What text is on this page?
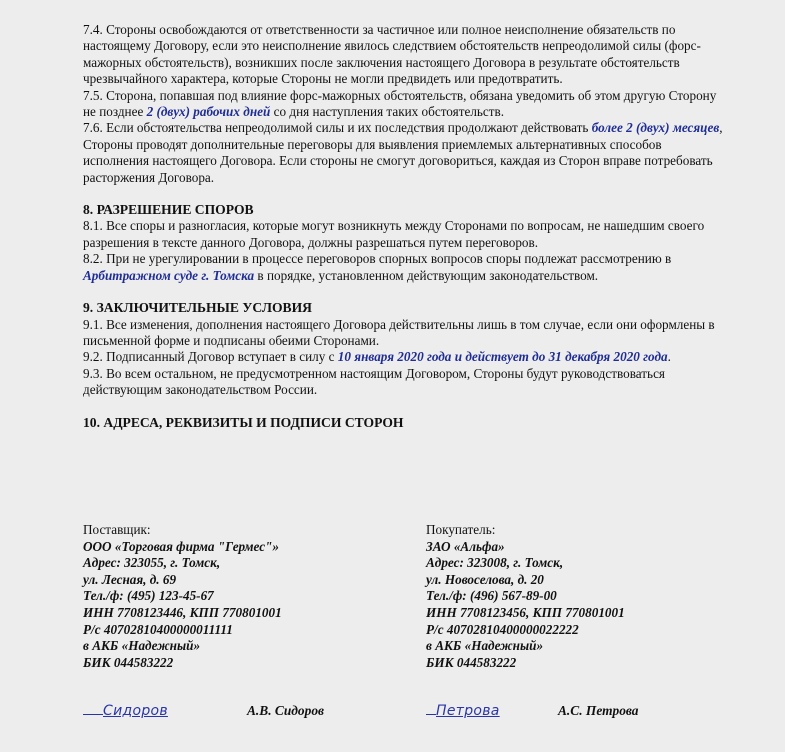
7.4. Стороны освобождаются от ответственности за частичное или полное неисполнение обязательств по настоящему Договору, если это неисполнение явилось следствием обстоятельств непреодолимой силы (форс-мажорных обстоятельств), возникших после заключения настоящего Договора в результате обстоятельств чрезвычайного характера, которые Стороны не могли предвидеть или предотвратить.

7.5. Сторона, попавшая под влияние форс-мажорных обстоятельств, обязана уведомить об этом другую Сторону не позднее 2 (двух) рабочих дней со дня наступления таких обстоятельств.

7.6. Если обстоятельства непреодолимой силы и их последствия продолжают действовать более 2 (двух) месяцев, Стороны проводят дополнительные переговоры для выявления приемлемых альтернативных способов исполнения настоящего Договора. Если стороны не смогут договориться, каждая из Сторон вправе потребовать расторжения Договора.

8. РАЗРЕШЕНИЕ СПОРОВ

8.1. Все споры и разногласия, которые могут возникнуть между Сторонами по вопросам, не нашедшим своего разрешения в тексте данного Договора, должны разрешаться путем переговоров.

8.2. При не урегулировании в процессе переговоров спорных вопросов споры подлежат рассмотрению в Арбитражном суде г. Томска в порядке, установленном действующим законодательством.

9. ЗАКЛЮЧИТЕЛЬНЫЕ УСЛОВИЯ

9.1. Все изменения, дополнения настоящего Договора действительны лишь в том случае, если они оформлены в письменной форме и подписаны обеими Сторонами.

9.2. Подписанный Договор вступает в силу с 10 января 2020 года и действует до 31 декабря 2020 года.

9.3. Во всем остальном, не предусмотренном настоящим Договором, Стороны будут руководствоваться действующим законодательством России.

10. АДРЕСА, РЕКВИЗИТЫ И ПОДПИСИ СТОРОН

Поставщик:
ООО «Торговая фирма "Гермес"»
Адрес: 323055, г. Томск,
ул. Лесная, д. 69
Тел./ф: (495) 123-45-67
ИНН 7708123446, КПП 770801001
Р/с 40702810400000011111
в АКБ «Надежный»
БИК 044583222
Покупатель:
ЗАО «Альфа»
Адрес: 323008, г. Томск,
ул. Новоселова, д. 20
Тел./ф: (496) 567-89-00
ИНН 7708123456, КПП 770801001
Р/с 40702810400000022222
в АКБ «Надежный»
БИК 044583222
Сидоров	А.В. Сидоров	Петрова	А.С. Петрова
